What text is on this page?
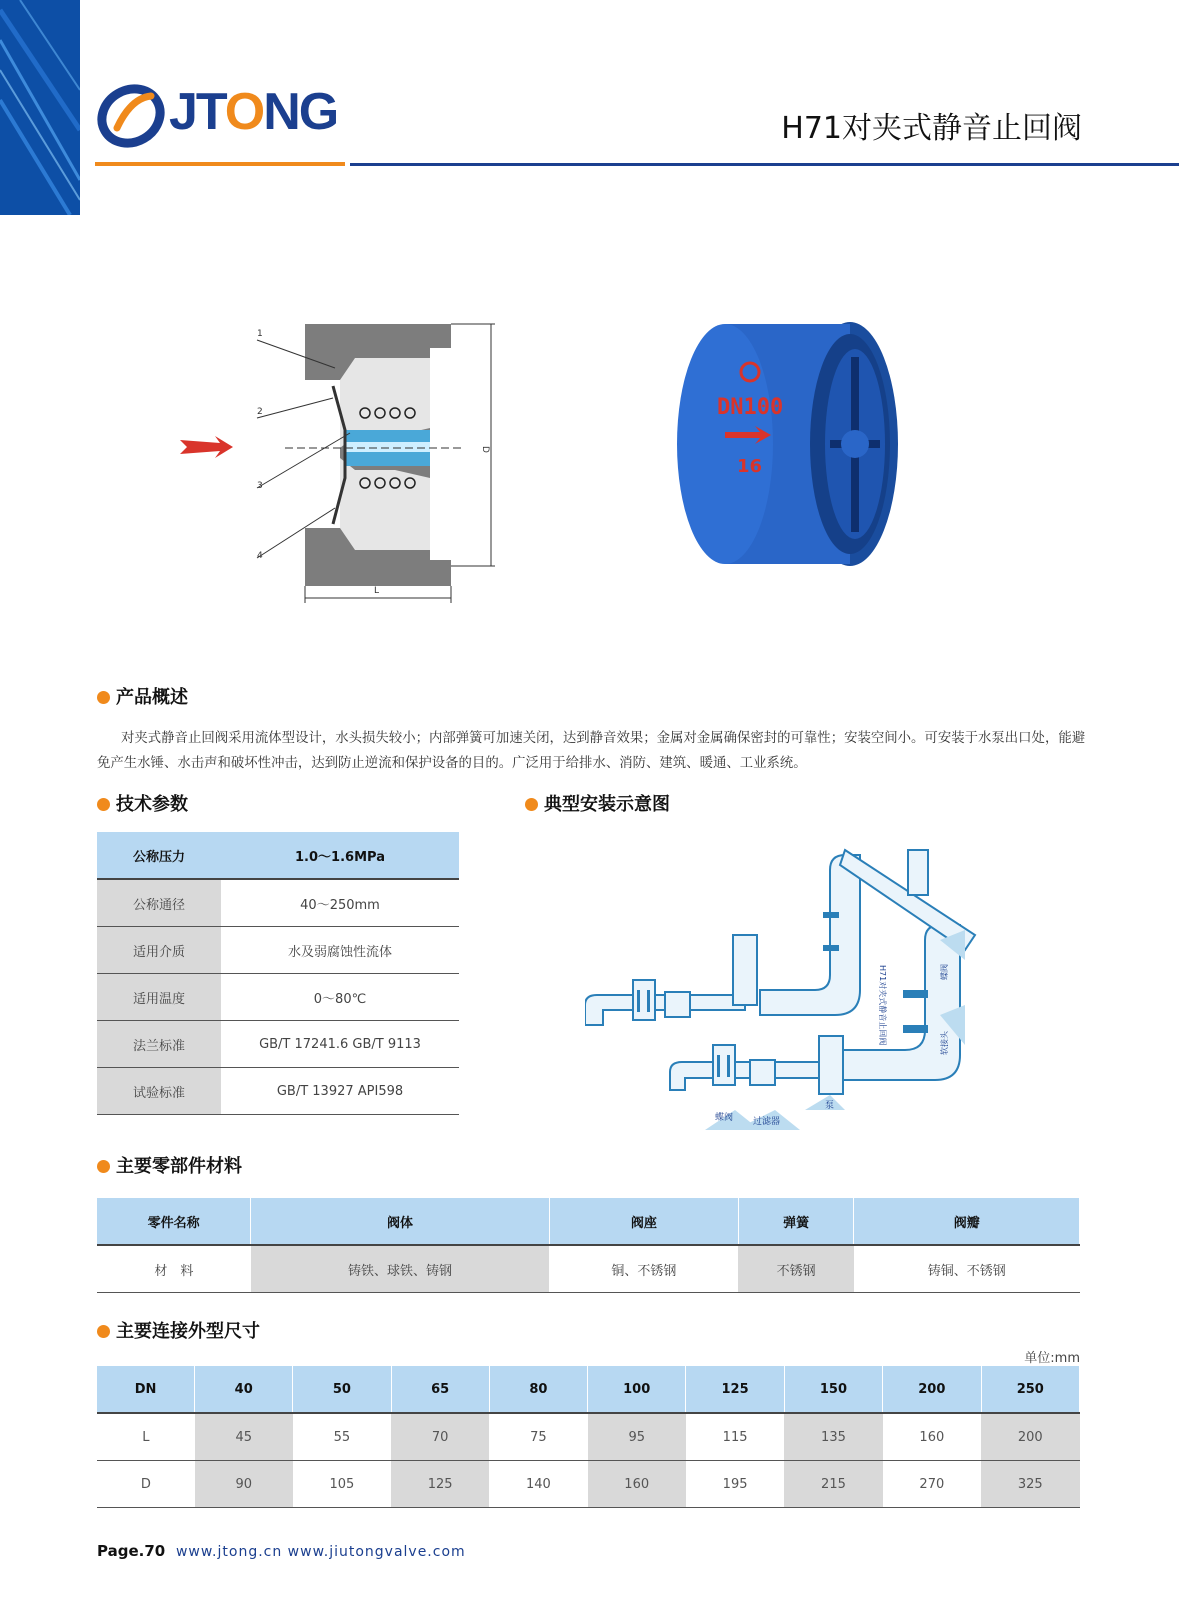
JTONG	H71对夹式静音止回阀
1
2
3
4
D
L
DN100
16
产品概述
对夹式静音止回阀采用流体型设计，水头损失较小；内部弹簧可加速关闭，达到静音效果；金属对金属确保密封的可靠性；安装空间小。可安装于水泵出口处，能避免产生水锤、水击声和破坏性冲击，达到防止逆流和保护设备的目的。广泛用于给排水、消防、建筑、暖通、工业系统。
技术参数
公称压力	1.0～1.6MPa
公称通径	40～250mm
适用介质	水及弱腐蚀性流体
适用温度	0～80℃
法兰标准	GB/T 17241.6 GB/T 9113
试验标准	GB/T 13927 API598
典型安装示意图
蝶阀 过滤器
泵
H71对夹式静音止回阀	蝶阀
软接头
主要零部件材料
零件名称	阀体	阀座	弹簧	阀瓣
材　料	铸铁、球铁、铸钢	铜、不锈钢	不锈钢	铸铜、不锈钢
主要连接外型尺寸
单位:mm
DN	40	50	65	80	100	125	150	200	250
L	45	55	70	75	95	115	135	160	200
D	90	105	125	140	160	195	215	270	325
Page.70 www.jtong.cn www.jiutongvalve.com
